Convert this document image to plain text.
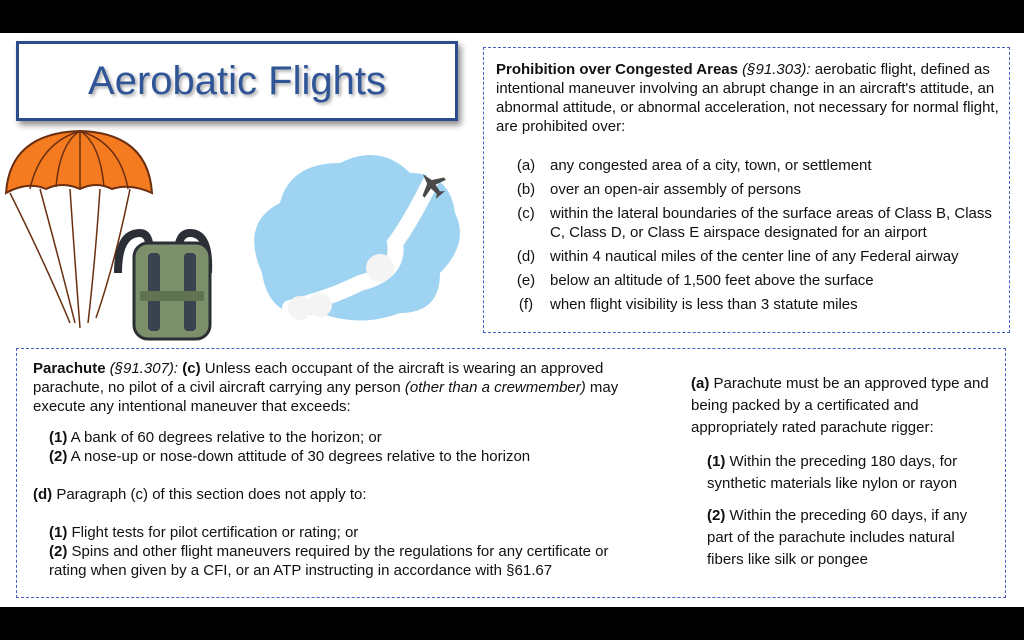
Aerobatic Flights	Prohibition over Congested Areas (§91.303): aerobatic flight, defined as intentional maneuver involving an abrupt change in an aircraft's attitude, an abnormal attitude, or abnormal acceleration, not necessary for normal flight, are prohibited over:
(a) any congested area of a city, town, or settlement
(b) over an open-air assembly of persons
(c)	within the lateral boundaries of the surface areas of Class B, Class C, Class D, or Class E airspace designated for an airport
(d) within 4 nautical miles of the center line of any Federal airway
(e) below an altitude of 1,500 feet above the surface
(f)	when flight visibility is less than 3 statute miles
Parachute (§91.307): (c) Unless each occupant of the aircraft is wearing an approved parachute, no pilot of a civil aircraft carrying any person (other than a crewmember) may execute any intentional maneuver that exceeds:
(1) A bank of 60 degrees relative to the horizon; or
(2) A nose-up or nose-down attitude of 30 degrees relative to the horizon
(d) Paragraph (c) of this section does not apply to:
(1) Flight tests for pilot certification or rating; or
(2) Spins and other flight maneuvers required by the regulations for any certificate or rating when given by a CFI, or an ATP instructing in accordance with §61.67
(a) Parachute must be an approved type and being packed by a certificated and appropriately rated parachute rigger:
(1) Within the preceding 180 days, for synthetic materials like nylon or rayon
(2) Within the preceding 60 days, if any part of the parachute includes natural fibers like silk or pongee
